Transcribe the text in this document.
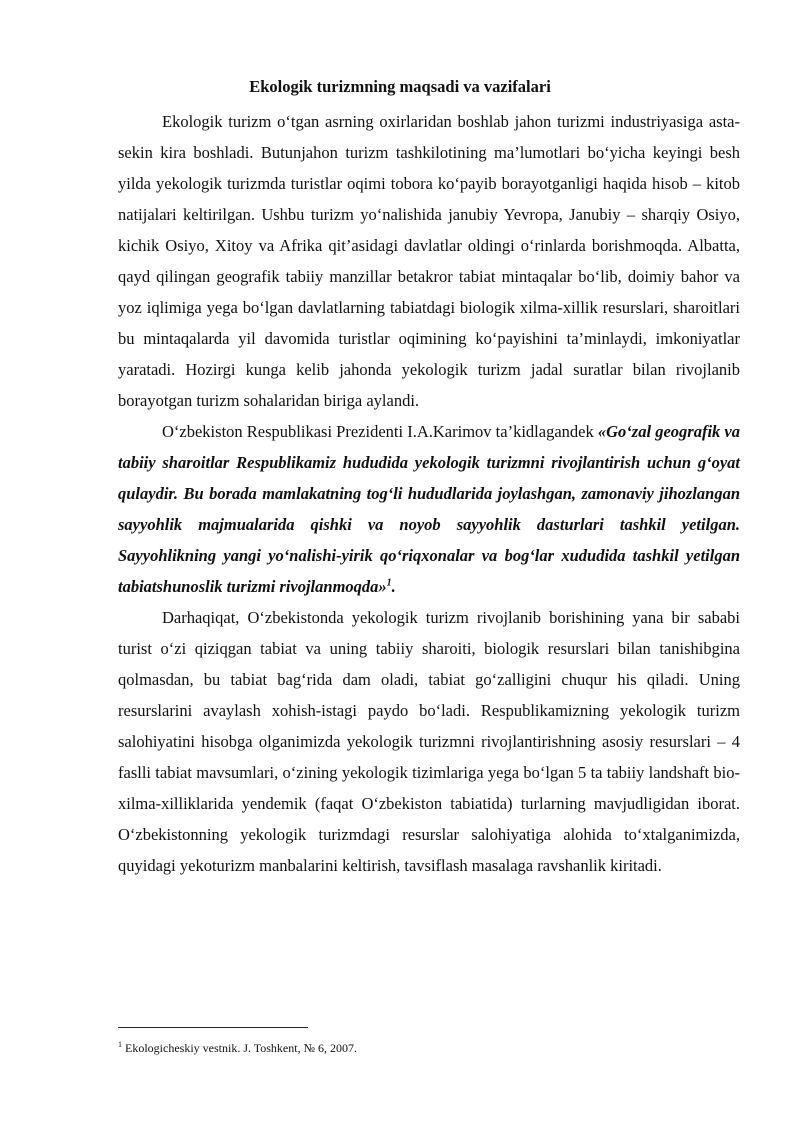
Ekologik turizmning maqsadi va vazifalari

Ekologik turizm o‘tgan asrning oxirlaridan boshlab jahon turizmi industriyasiga asta-sekin kira boshladi. Butunjahon turizm tashkilotining ma’lumotlari bo‘yicha keyingi besh yilda yekologik turizmda turistlar oqimi tobora ko‘payib borayotganligi haqida hisob – kitob natijalari keltirilgan. Ushbu turizm yo‘nalishida janubiy Yevropa, Janubiy – sharqiy Osiyo, kichik Osiyo, Xitoy va Afrika qit’asidagi davlatlar oldingi o‘rinlarda borishmoqda. Albatta, qayd qilingan geografik tabiiy manzillar betakror tabiat mintaqalar bo‘lib, doimiy bahor va yoz iqlimiga yega bo‘lgan davlatlarning tabiatdagi biologik xilma-xillik resurslari, sharoitlari bu mintaqalarda yil davomida turistlar oqimining ko‘payishini ta’minlaydi, imkoniyatlar yaratadi. Hozirgi kunga kelib jahonda yekologik turizm jadal suratlar bilan rivojlanib borayotgan turizm sohalaridan biriga aylandi.

O‘zbekiston Respublikasi Prezidenti I.A.Karimov ta’kidlagandek «Go‘zal geografik va tabiiy sharoitlar Respublikamiz hududida yekologik turizmni rivojlantirish uchun g‘oyat qulaydir. Bu borada mamlakatning tog‘li hududlarida joylashgan, zamonaviy jihozlangan sayyohlik majmualarida qishki va noyob sayyohlik dasturlari tashkil yetilgan. Sayyohlikning yangi yo‘nalishi-yirik qo‘riqxonalar va bog‘lar xududida tashkil yetilgan tabiatshunoslik turizmi rivojlanmoqda»$^1$.

Darhaqiqat, O‘zbekistonda yekologik turizm rivojlanib borishining yana bir sababi turist o‘zi qiziqgan tabiat va uning tabiiy sharoiti, biologik resurslari bilan tanishibgina qolmasdan, bu tabiat bag‘rida dam oladi, tabiat go‘zalligini chuqur his qiladi. Uning resurslarini avaylash xohish-istagi paydo bo‘ladi. Respublikamizning yekologik turizm salohiyatini hisobga olganimizda yekologik turizmni rivojlantirishning asosiy resurslari – 4 faslli tabiat mavsumlari, o‘zining yekologik tizimlariga yega bo‘lgan 5 ta tabiiy landshaft bio-xilma-xilliklarida yendemik (faqat O‘zbekiston tabiatida) turlarning mavjudligidan iborat. O‘zbekistonning yekologik turizmdagi resurslar salohiyatiga alohida to‘xtalganimizda, quyidagi yekoturizm manbalarini keltirish, tavsiflash masalaga ravshanlik kiritadi.

$^1$ Ekologicheskiy vestnik. J. Toshkent, № 6, 2007.
